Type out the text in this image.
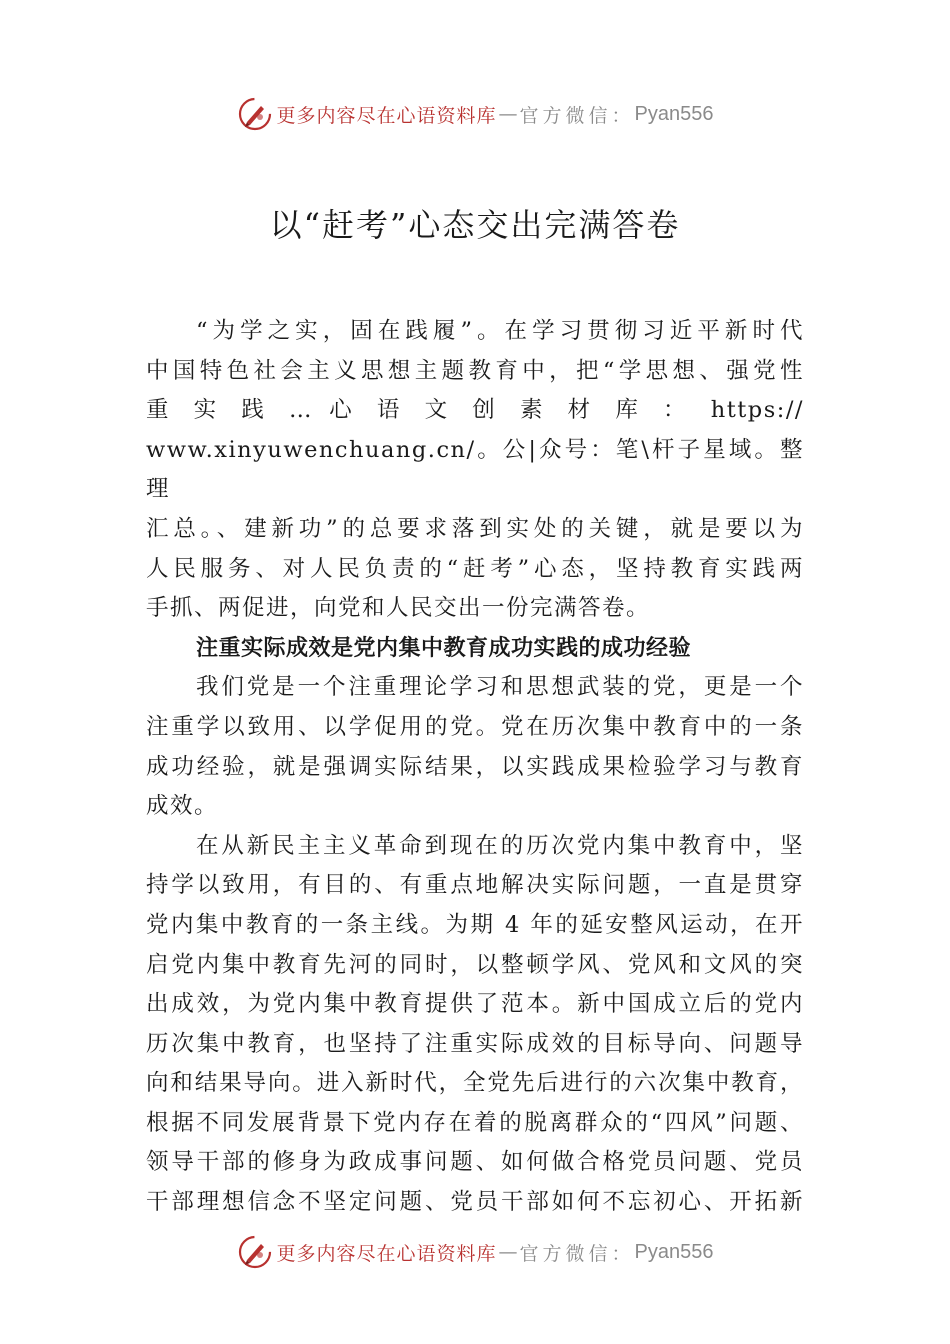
更多内容尽在心语资料库 — 官方微信： Pyan556
以“赶考”心态交出完满答卷

“为学之实，固在践履”。在学习贯彻习近平新时代
中国特色社会主义思想主题教育中，把“学思想、强党性
重 实 践 … 心 语 文 创 素 材 库 ： https://
www.xinyuwenchuang.cn/。公|众号：笔\杆子星域。整理
汇总。、建新功”的总要求落到实处的关键，就是要以为
人民服务、对人民负责的“赶考”心态，坚持教育实践两
手抓、两促进，向党和人民交出一份完满答卷。

注重实际成效是党内集中教育成功实践的成功经验

我们党是一个注重理论学习和思想武装的党，更是一个
注重学以致用、以学促用的党。党在历次集中教育中的一条
成功经验，就是强调实际结果，以实践成果检验学习与教育
成效。

在从新民主主义革命到现在的历次党内集中教育中，坚
持学以致用，有目的、有重点地解决实际问题，一直是贯穿
党内集中教育的一条主线。为期 4 年的延安整风运动，在开
启党内集中教育先河的同时，以整顿学风、党风和文风的突
出成效，为党内集中教育提供了范本。新中国成立后的党内
历次集中教育，也坚持了注重实际成效的目标导向、问题导
向和结果导向。进入新时代，全党先后进行的六次集中教育，
根据不同发展背景下党内存在着的脱离群众的“四风”问题、
领导干部的修身为政成事问题、如何做合格党员问题、党员
干部理想信念不坚定问题、党员干部如何不忘初心、开拓新

更多内容尽在心语资料库 — 官方微信： Pyan556
